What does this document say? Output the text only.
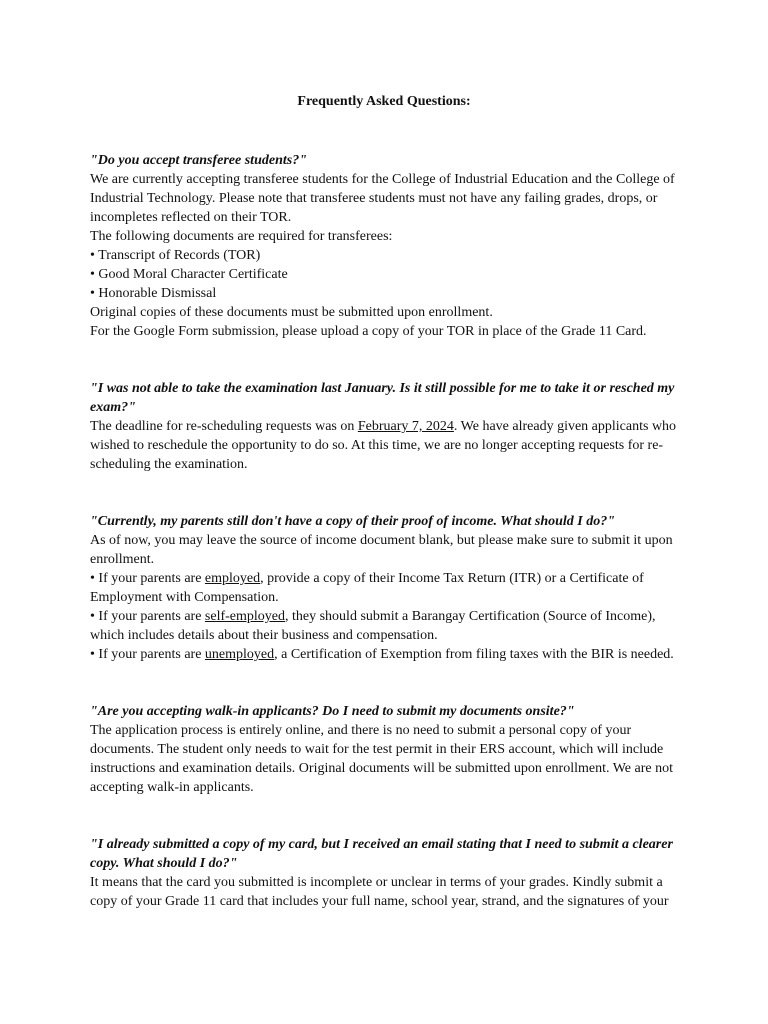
Frequently Asked Questions:

"Do you accept transferee students?"

We are currently accepting transferee students for the College of Industrial Education and the College of Industrial Technology. Please note that transferee students must not have any failing grades, drops, or incompletes reflected on their TOR.

The following documents are required for transferees:

• Transcript of Records (TOR)

• Good Moral Character Certificate

• Honorable Dismissal

Original copies of these documents must be submitted upon enrollment.

For the Google Form submission, please upload a copy of your TOR in place of the Grade 11 Card.

"I was not able to take the examination last January. Is it still possible for me to take it or resched my exam?"

The deadline for re-scheduling requests was on February 7, 2024. We have already given applicants who wished to reschedule the opportunity to do so. At this time, we are no longer accepting requests for re-scheduling the examination.

"Currently, my parents still don't have a copy of their proof of income. What should I do?"

As of now, you may leave the source of income document blank, but please make sure to submit it upon enrollment.

• If your parents are employed, provide a copy of their Income Tax Return (ITR) or a Certificate of Employment with Compensation.

• If your parents are self-employed, they should submit a Barangay Certification (Source of Income), which includes details about their business and compensation.

• If your parents are unemployed, a Certification of Exemption from filing taxes with the BIR is needed.

"Are you accepting walk-in applicants? Do I need to submit my documents onsite?"

The application process is entirely online, and there is no need to submit a personal copy of your documents. The student only needs to wait for the test permit in their ERS account, which will include instructions and examination details. Original documents will be submitted upon enrollment. We are not accepting walk-in applicants.

"I already submitted a copy of my card, but I received an email stating that I need to submit a clearer copy. What should I do?"

It means that the card you submitted is incomplete or unclear in terms of your grades. Kindly submit a copy of your Grade 11 card that includes your full name, school year, strand, and the signatures of your
